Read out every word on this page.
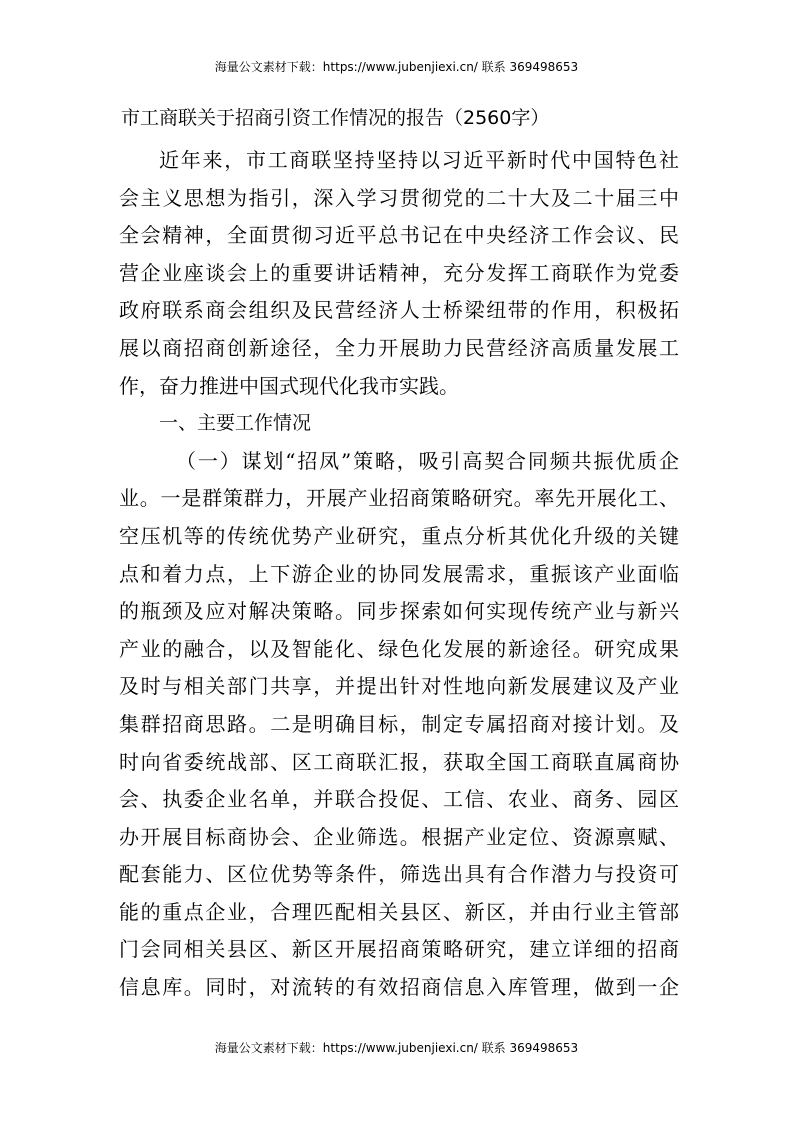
海量公文素材下载：https://www.jubenjiexi.cn/ 联系 369498653
市工商联关于招商引资工作情况的报告（2560字）
近年来，市工商联坚持坚持以习近平新时代中国特色社
会主义思想为指引，深入学习贯彻党的二十大及二十届三中
全会精神，全面贯彻习近平总书记在中央经济工作会议、民
营企业座谈会上的重要讲话精神，充分发挥工商联作为党委
政府联系商会组织及民营经济人士桥梁纽带的作用，积极拓
展以商招商创新途径，全力开展助力民营经济高质量发展工
作，奋力推进中国式现代化我市实践。
一、主要工作情况
（一）谋划“招凤”策略，吸引高契合同频共振优质企
业。一是群策群力，开展产业招商策略研究。率先开展化工、
空压机等的传统优势产业研究，重点分析其优化升级的关键
点和着力点，上下游企业的协同发展需求，重振该产业面临
的瓶颈及应对解决策略。同步探索如何实现传统产业与新兴
产业的融合，以及智能化、绿色化发展的新途径。研究成果
及时与相关部门共享，并提出针对性地向新发展建议及产业
集群招商思路。二是明确目标，制定专属招商对接计划。及
时向省委统战部、区工商联汇报，获取全国工商联直属商协
会、执委企业名单，并联合投促、工信、农业、商务、园区
办开展目标商协会、企业筛选。根据产业定位、资源禀赋、
配套能力、区位优势等条件，筛选出具有合作潜力与投资可
能的重点企业，合理匹配相关县区、新区，并由行业主管部
门会同相关县区、新区开展招商策略研究，建立详细的招商
信息库。同时，对流转的有效招商信息入库管理，做到一企
海量公文素材下载：https://www.jubenjiexi.cn/ 联系 369498653
